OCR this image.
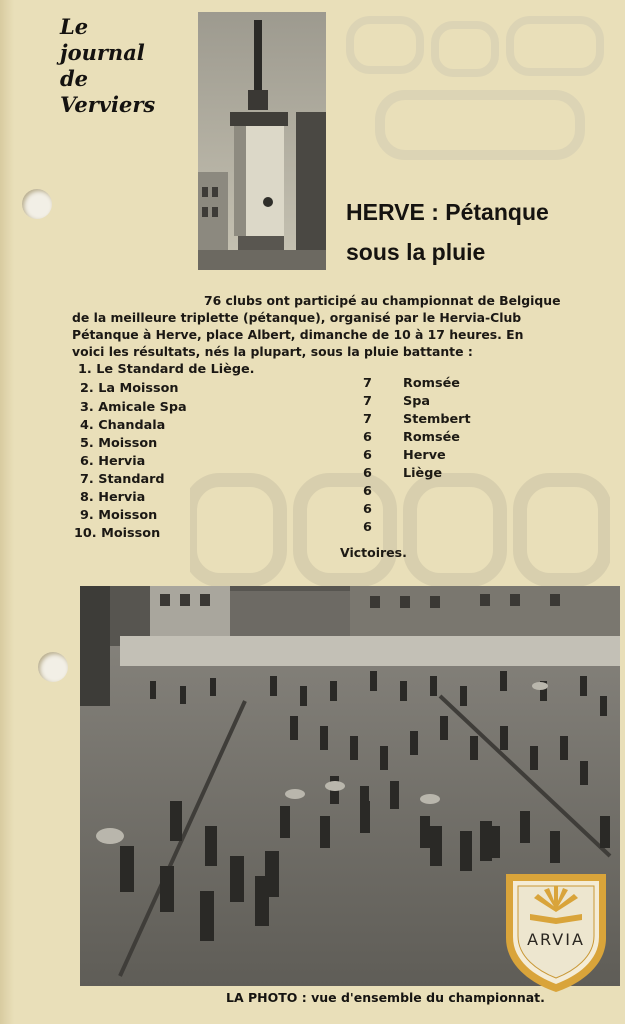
Le
journal
de
Verviers
HERVE : Pétanque
sous la pluie
76 clubs ont participé au championnat de Belgique
de la meilleure triplette (pétanque), organisé par le Hervia-Club
Pétanque à Herve, place Albert, dimanche de 10 à 17 heures. En
voici les résultats, nés la plupart, sous la pluie battante :
1. Le Standard de Liège.
2. La Moisson
3. Amicale Spa
4. Chandala
5. Moisson
6. Hervia
7. Standard
8. Hervia
9. Moisson
10. Moisson
7
7
7
6
6
6
6
6
6
Romsée
Spa
Stembert
Romsée
Herve
Liège
Victoires.
LA PHOTO : vue d'ensemble du championnat.
ARVIA
